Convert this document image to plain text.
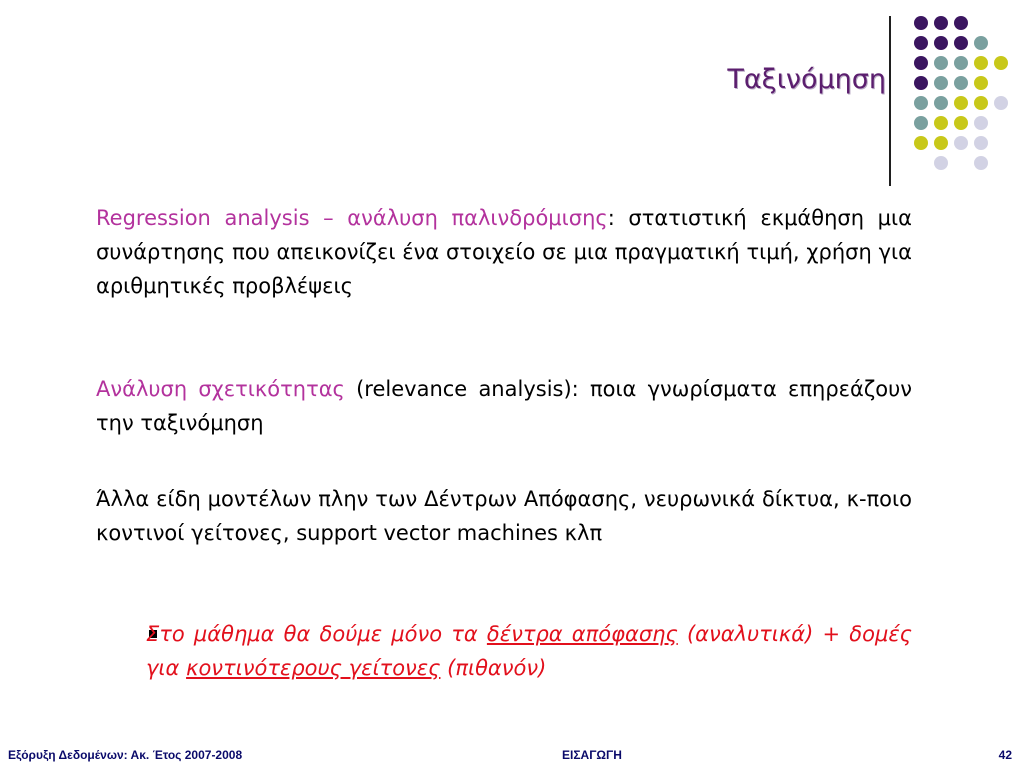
Ταξινόμηση
Regression analysis – ανάλυση παλινδρόμισης: στατιστική εκμάθηση μια συνάρτησης που απεικονίζει ένα στοιχείο σε μια πραγματική τιμή, χρήση για αριθμητικές προβλέψεις
Ανάλυση σχετικότητας (relevance analysis): ποια γνωρίσματα επηρεάζουν την ταξινόμηση
Άλλα είδη μοντέλων πλην των Δέντρων Απόφασης, νευρωνικά δίκτυα, κ-ποιο κοντινοί γείτονες, support vector machines κλπ
Στο μάθημα θα δούμε μόνο τα δέντρα απόφασης (αναλυτικά) + δομές για κοντινότερους γείτονες (πιθανόν)
Εξόρυξη Δεδομένων: Ακ. Έτος 2007-2008	ΕΙΣΑΓΩΓΗ	42
